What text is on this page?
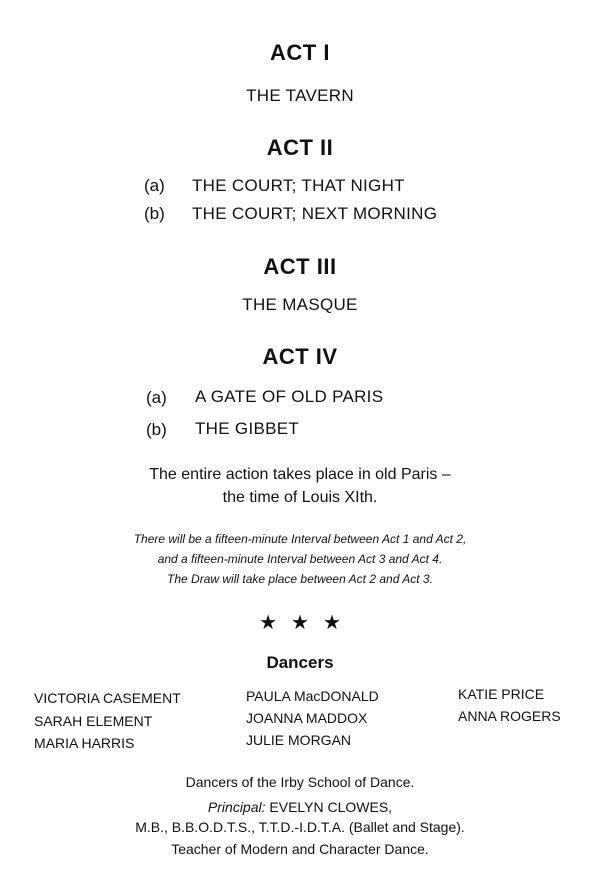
ACT I
THE TAVERN
ACT II
(a) THE COURT; THAT NIGHT
(b) THE COURT; NEXT MORNING
ACT III
THE MASQUE
ACT IV
(a) A GATE OF OLD PARIS
(b) THE GIBBET
The entire action takes place in old Paris –
the time of Louis XIth.
There will be a fifteen-minute Interval between Act 1 and Act 2,
and a fifteen-minute Interval between Act 3 and Act 4.
The Draw will take place between Act 2 and Act 3.
★ ★ ★
Dancers
VICTORIA CASEMENT
SARAH ELEMENT
MARIA HARRIS
PAULA MacDONALD
JOANNA MADDOX
JULIE MORGAN
KATIE PRICE
ANNA ROGERS
Dancers of the Irby School of Dance.
Principal: EVELYN CLOWES,
M.B., B.B.O.D.T.S., T.T.D.-I.D.T.A. (Ballet and Stage).
Teacher of Modern and Character Dance.
